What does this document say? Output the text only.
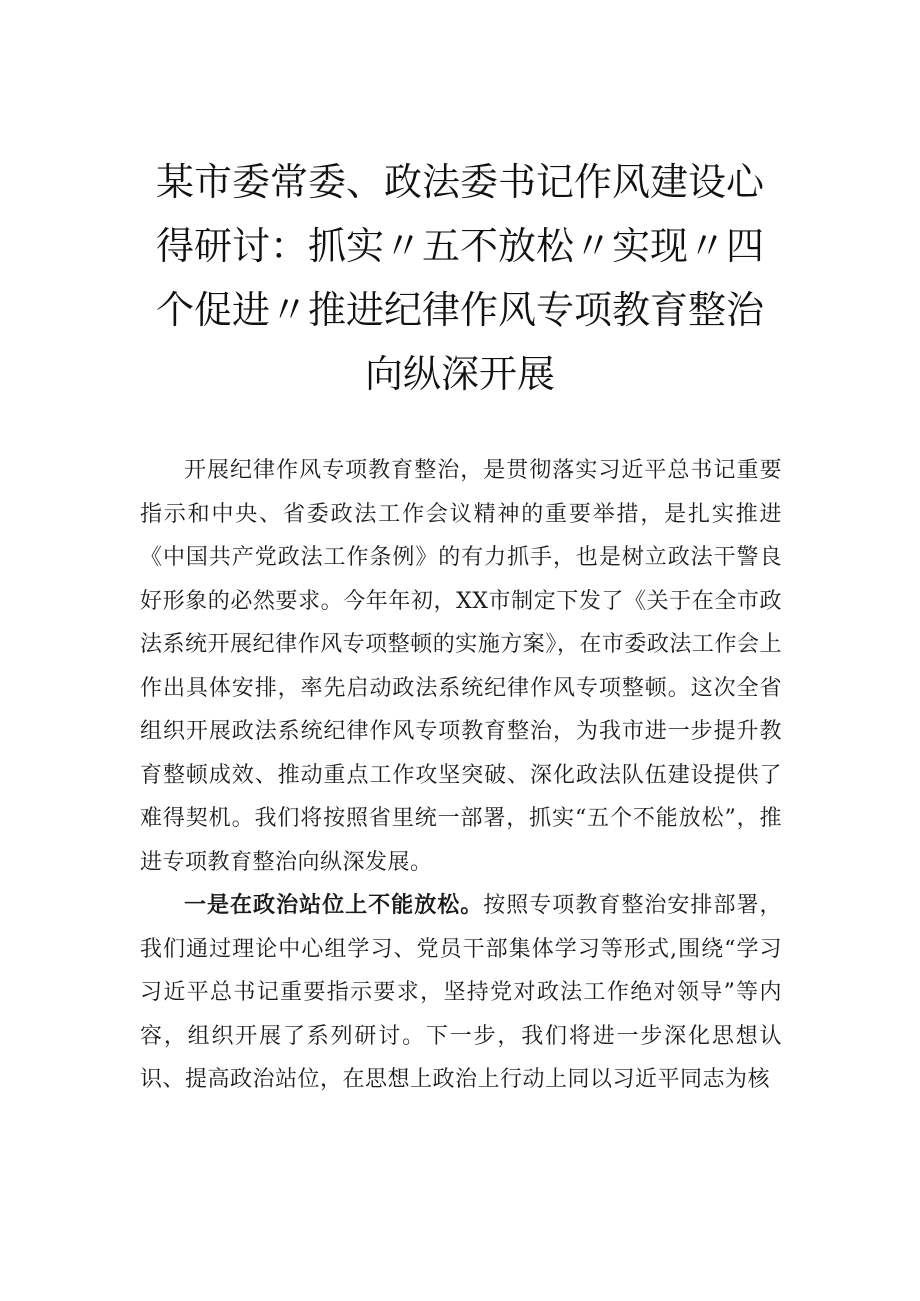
某市委常委、政法委书记作风建设心得研讨：抓实〃五不放松〃实现〃四个促进〃推进纪律作风专项教育整治向纵深开展

开展纪律作风专项教育整治，是贯彻落实习近平总书记重要指示和中央、省委政法工作会议精神的重要举措，是扎实推进《中国共产党政法工作条例》的有力抓手，也是树立政法干警良好形象的必然要求。今年年初，XX市制定下发了《关于在全市政法系统开展纪律作风专项整顿的实施方案》，在市委政法工作会上作出具体安排，率先启动政法系统纪律作风专项整顿。这次全省组织开展政法系统纪律作风专项教育整治，为我市进一步提升教育整顿成效、推动重点工作攻坚突破、深化政法队伍建设提供了难得契机。我们将按照省里统一部署，抓实“五个不能放松”，推进专项教育整治向纵深发展。

一是在政治站位上不能放松。按照专项教育整治安排部署，我们通过理论中心组学习、党员干部集体学习等形式,围绕“学习习近平总书记重要指示要求，坚持党对政法工作绝对领导”等内容，组织开展了系列研讨。下一步，我们将进一步深化思想认识、提高政治站位，在思想上政治上行动上同以习近平同志为核
